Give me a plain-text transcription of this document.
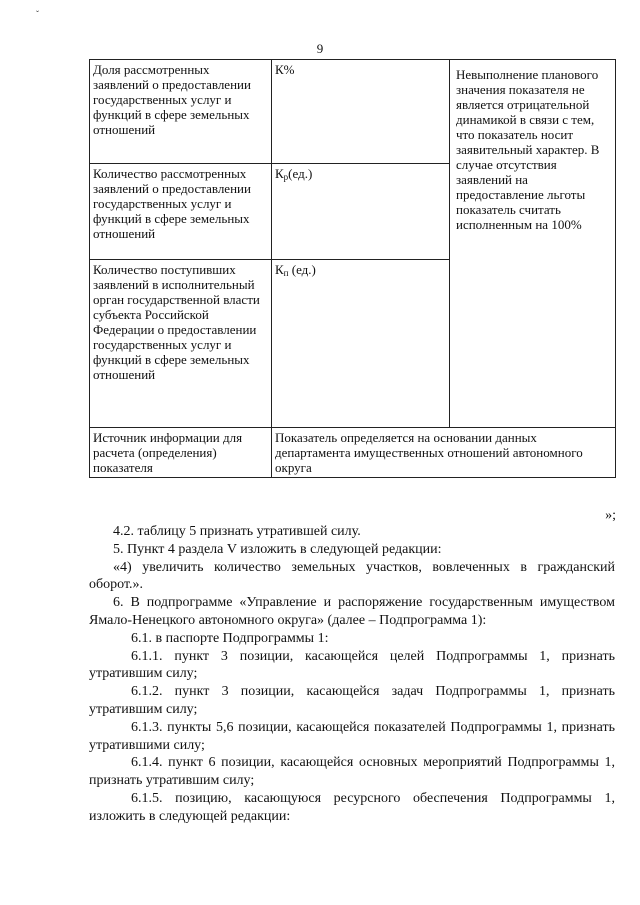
ˇ
9
Доля рассмотренных заявлений о предоставлении государственных услуг и функций в сфере земельных отношений	К%	Невыполнение планового значения показателя не является отрицательной динамикой в связи с тем, что показатель носит заявительный характер. В случае отсутствия заявлений на предоставление льготы показатель считать исполненным на 100%
Количество рассмотренных заявлений о предоставлении государственных услуг и функций в сфере земельных отношений	$К_р(ед.)$	
Количество поступивших заявлений в исполнительный орган государственной власти субъекта Российской Федерации о предоставлении государственных услуг и функций в сфере земельных отношений	$К_п$ (ед.)	
Источник информации для расчета (определения) показателя	Показатель определяется на основании данных департамента имущественных отношений автономного округа	
»;

4.2. таблицу 5 признать утратившей силу.

5. Пункт 4 раздела V изложить в следующей редакции:

«4) увеличить количество земельных участков, вовлеченных в гражданский оборот.».

6. В подпрограмме «Управление и распоряжение государственным имуществом Ямало-Ненецкого автономного округа» (далее – Подпрограмма 1):

6.1. в паспорте Подпрограммы 1:

6.1.1. пункт 3 позиции, касающейся целей Подпрограммы 1, признать утратившим силу;

6.1.2. пункт 3 позиции, касающейся задач Подпрограммы 1, признать утратившим силу;

6.1.3. пункты 5,6 позиции, касающейся показателей Подпрограммы 1, признать утратившими силу;

6.1.4. пункт 6 позиции, касающейся основных мероприятий Подпрограммы 1, признать утратившим силу;

6.1.5. позицию, касающуюся ресурсного обеспечения Подпрограммы 1, изложить в следующей редакции:
